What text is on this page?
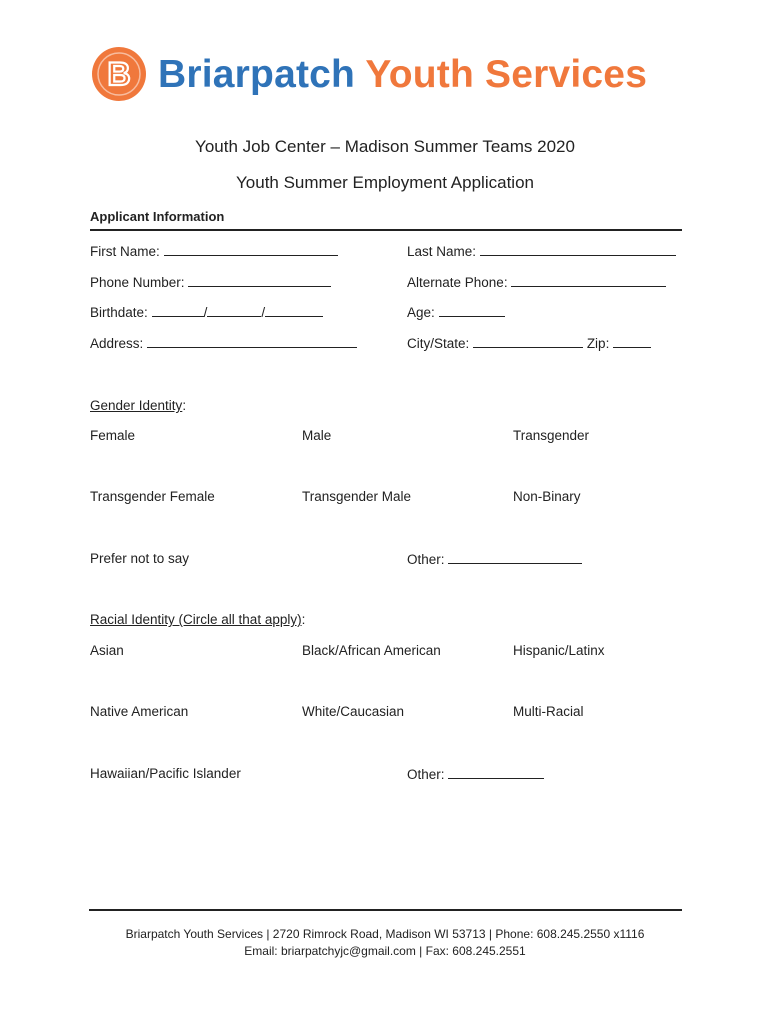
B Briarpatch Youth Services
Youth Job Center – Madison Summer Teams 2020
Youth Summer Employment Application
Applicant Information
First Name:	Last Name:
Phone Number:	Alternate Phone:
Birthdate:	/	/	Age:
Address:	City/State:	Zip:
Gender Identity:
Female	Male	Transgender
Transgender Female	Transgender Male	Non-Binary
Prefer not to say	Other:
Racial Identity (Circle all that apply):
Asian	Black/African American	Hispanic/Latinx
Native American	White/Caucasian	Multi-Racial
Hawaiian/Pacific Islander	Other:
Briarpatch Youth Services | 2720 Rimrock Road, Madison WI 53713 | Phone: 608.245.2550 x1116
Email: briarpatchyjc@gmail.com | Fax: 608.245.2551
